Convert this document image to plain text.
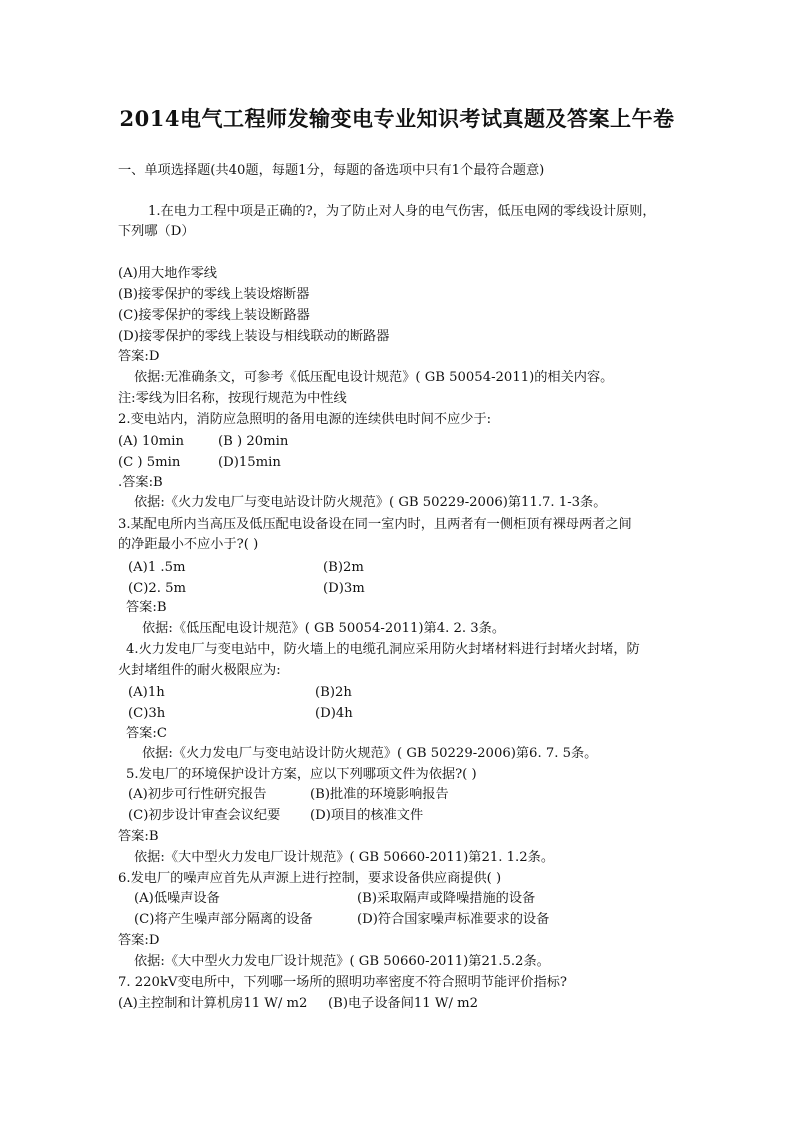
2014电气工程师发输变电专业知识考试真题及答案上午卷
一、单项选择题(共40题，每题1分，每题的备选项中只有1个最符合题意)
1.在电力工程中项是正确的?，为了防止对人身的电气伤害，低压电网的零线设计原则，
下列哪（D）
(A)用大地作零线
(B)接零保护的零线上装设熔断器
(C)接零保护的零线上装设断路器
(D)接零保护的零线上装设与相线联动的断路器
答案:D
依据:无准确条文，可参考《低压配电设计规范》( GB 50054-2011)的相关内容。
注:零线为旧名称，按现行规范为中性线
2.变电站内，消防应急照明的备用电源的连续供电时间不应少于:
(A) 10min	(B ) 20min
(C ) 5min	(D)15min
.答案:B
依据:《火力发电厂与变电站设计防火规范》( GB 50229-2006)第11.7. 1-3条。
3.某配电所内当高压及低压配电设备设在同一室内时，且两者有一侧柜顶有裸母两者之间
的净距最小不应小于?( )
(A)1 .5m	(B)2m
(C)2. 5m	(D)3m
答案:B
依据:《低压配电设计规范》( GB 50054-2011)第4. 2. 3条。
4.火力发电厂与变电站中，防火墙上的电缆孔洞应采用防火封堵材料进行封堵火封堵，防
火封堵组件的耐火极限应为:
(A)1h	(B)2h
(C)3h	(D)4h
答案:C
依据:《火力发电厂与变电站设计防火规范》( GB 50229-2006)第6. 7. 5条。
5.发电厂的环境保护设计方案，应以下列哪项文件为依据?( )
(A)初步可行性研究报告	(B)批准的环境影响报告
(C)初步设计审查会议纪要 (D)项目的核准文件
答案:B
依据:《大中型火力发电厂设计规范》( GB 50660-2011)第21. 1.2条。
6.发电厂的噪声应首先从声源上进行控制，要求设备供应商提供( )
(A)低噪声设备	(B)采取隔声或降噪措施的设备
(C)将产生噪声部分隔离的设备	(D)符合国家噪声标准要求的设备
答案:D
依据:《大中型火力发电厂设计规范》( GB 50660-2011)第21.5.2条。
7. 220kV变电所中，下列哪一场所的照明功率密度不符合照明节能评价指标?
(A)主控制和计算机房11 W/ m2 (B)电子设备间11 W/ m2
